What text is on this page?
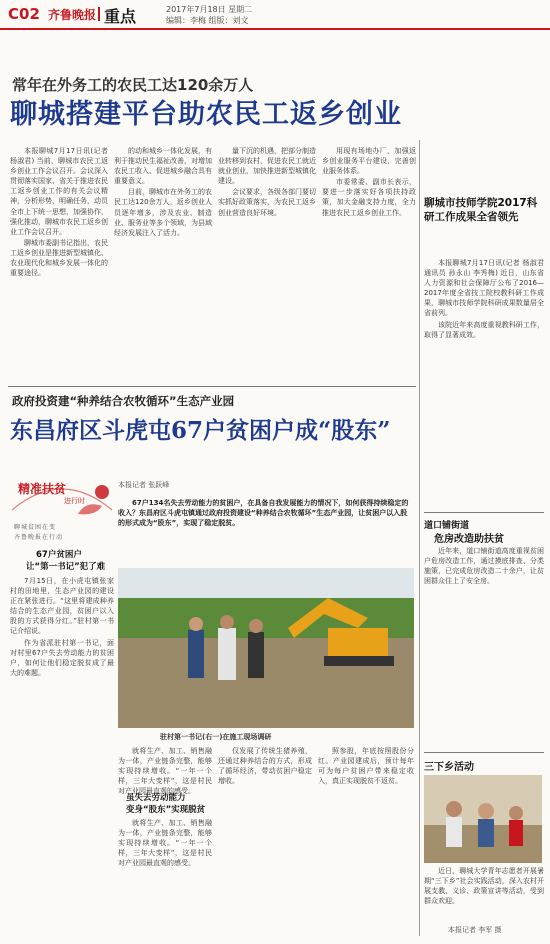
C02 齐鲁晚报 重点	2017年7月18日 星期二
编辑：李梅 组版：刘文
常年在外务工的农民工达120余万人
聊城搭建平台助农民工返乡创业

本报聊城7月17日讯(记者 杨淑君) 当前，聊城市农民工返乡创业工作会议召开。会议深入贯彻落实国家、省关于推进农民工返乡创业工作的有关会议精神，分析形势，明确任务，动员全市上下统一思想，加强协作，强化推动，聊城市农民工返乡创业工作会议召开。

聊城市委副书记指出，农民工返乡创业是推进新型城镇化、农业现代化和城乡发展一体化的重要途径。

的动和城乡一体化发展，有利于推动民生福祉改善，对增加农民工收入、促进城乡融合具有重要意义。

目前，聊城市在外务工的农民工达120余万人，返乡创业人员逐年增多，涉及农业、制造业、服务业等多个领域，为县域经济发展注入了活力。

量下沉的机遇，把部分制造业转移到农村，促进农民工就近就业创业，加快推进新型城镇化建设。

会议要求，各级各部门要切实抓好政策落实，为农民工返乡创业营造良好环境。

用现有场地办厂，加强返乡创业服务平台建设，完善创业服务体系。

市委常委、副市长表示，要进一步落实好各项扶持政策，加大金融支持力度，全力推进农民工返乡创业工作。

聊城市技师学院2017科研工作成果全省领先

本报聊城7月17日讯(记者 杨淑君 通讯员 孙永山 李秀梅) 近日，山东省人力资源和社会保障厅公布了2016—2017年度全省技工院校教科研工作成果，聊城市技师学院科研成果数量居全省前列。

该院近年来高度重视教科研工作，取得了显著成效。

政府投资建“种养结合农牧循环”生态产业园
东昌府区斗虎屯67户贫困户成“股东”
精准扶贫
进行时
聊城贫困在变
齐鲁晚报在行动
本报记者 张跃峰
67户134名失去劳动能力的贫困户，在具备自我发展能力的情况下，如何获得持续稳定的收入？东昌府区斗虎屯镇通过政府投资建设“种养结合农牧循环”生态产业园，让贫困户以入股的形式成为“股东”，实现了稳定脱贫。
67户贫困户
让“第一书记”犯了难

7月15日，在小虎屯镇张家村的田地里，生态产业园的建设正在紧张进行。“这里将建成种养结合的生态产业园，贫困户以入股的方式获得分红。”驻村第一书记介绍说。

作为省派驻村第一书记，面对村里67户失去劳动能力的贫困户，如何让他们稳定脱贫成了最大的难题。

驻村第一书记(右一)在施工现场调研

就将生产、加工、销售融为一体，产业链条完整，能够实现持续增收。“一年一个样，三年大变样”，这是村民对产业园最直观的感受。

虽失去劳动能力
变身“股东”实现脱贫

就将生产、加工、销售融为一体，产业链条完整，能够实现持续增收。“一年一个样，三年大变样”，这是村民对产业园最直观的感受。

仅发展了传统生猪养殖，还通过种养结合的方式，形成了循环经济，带动贫困户稳定增收。

照参股，年底按照股份分红。产业园建成后，预计每年可为每户贫困户带来稳定收入，真正实现脱贫不返贫。

道口铺街道
危房改造助扶贫

近年来，道口铺街道高度重视贫困户危房改造工作，通过摸底排查、分类施策，已完成危房改造二十余户，让贫困群众住上了安全房。

三下乡活动

近日，聊城大学青年志愿者开展暑期“三下乡”社会实践活动，深入农村开展支教、义诊、政策宣讲等活动，受到群众欢迎。

本报记者 李军 摄
